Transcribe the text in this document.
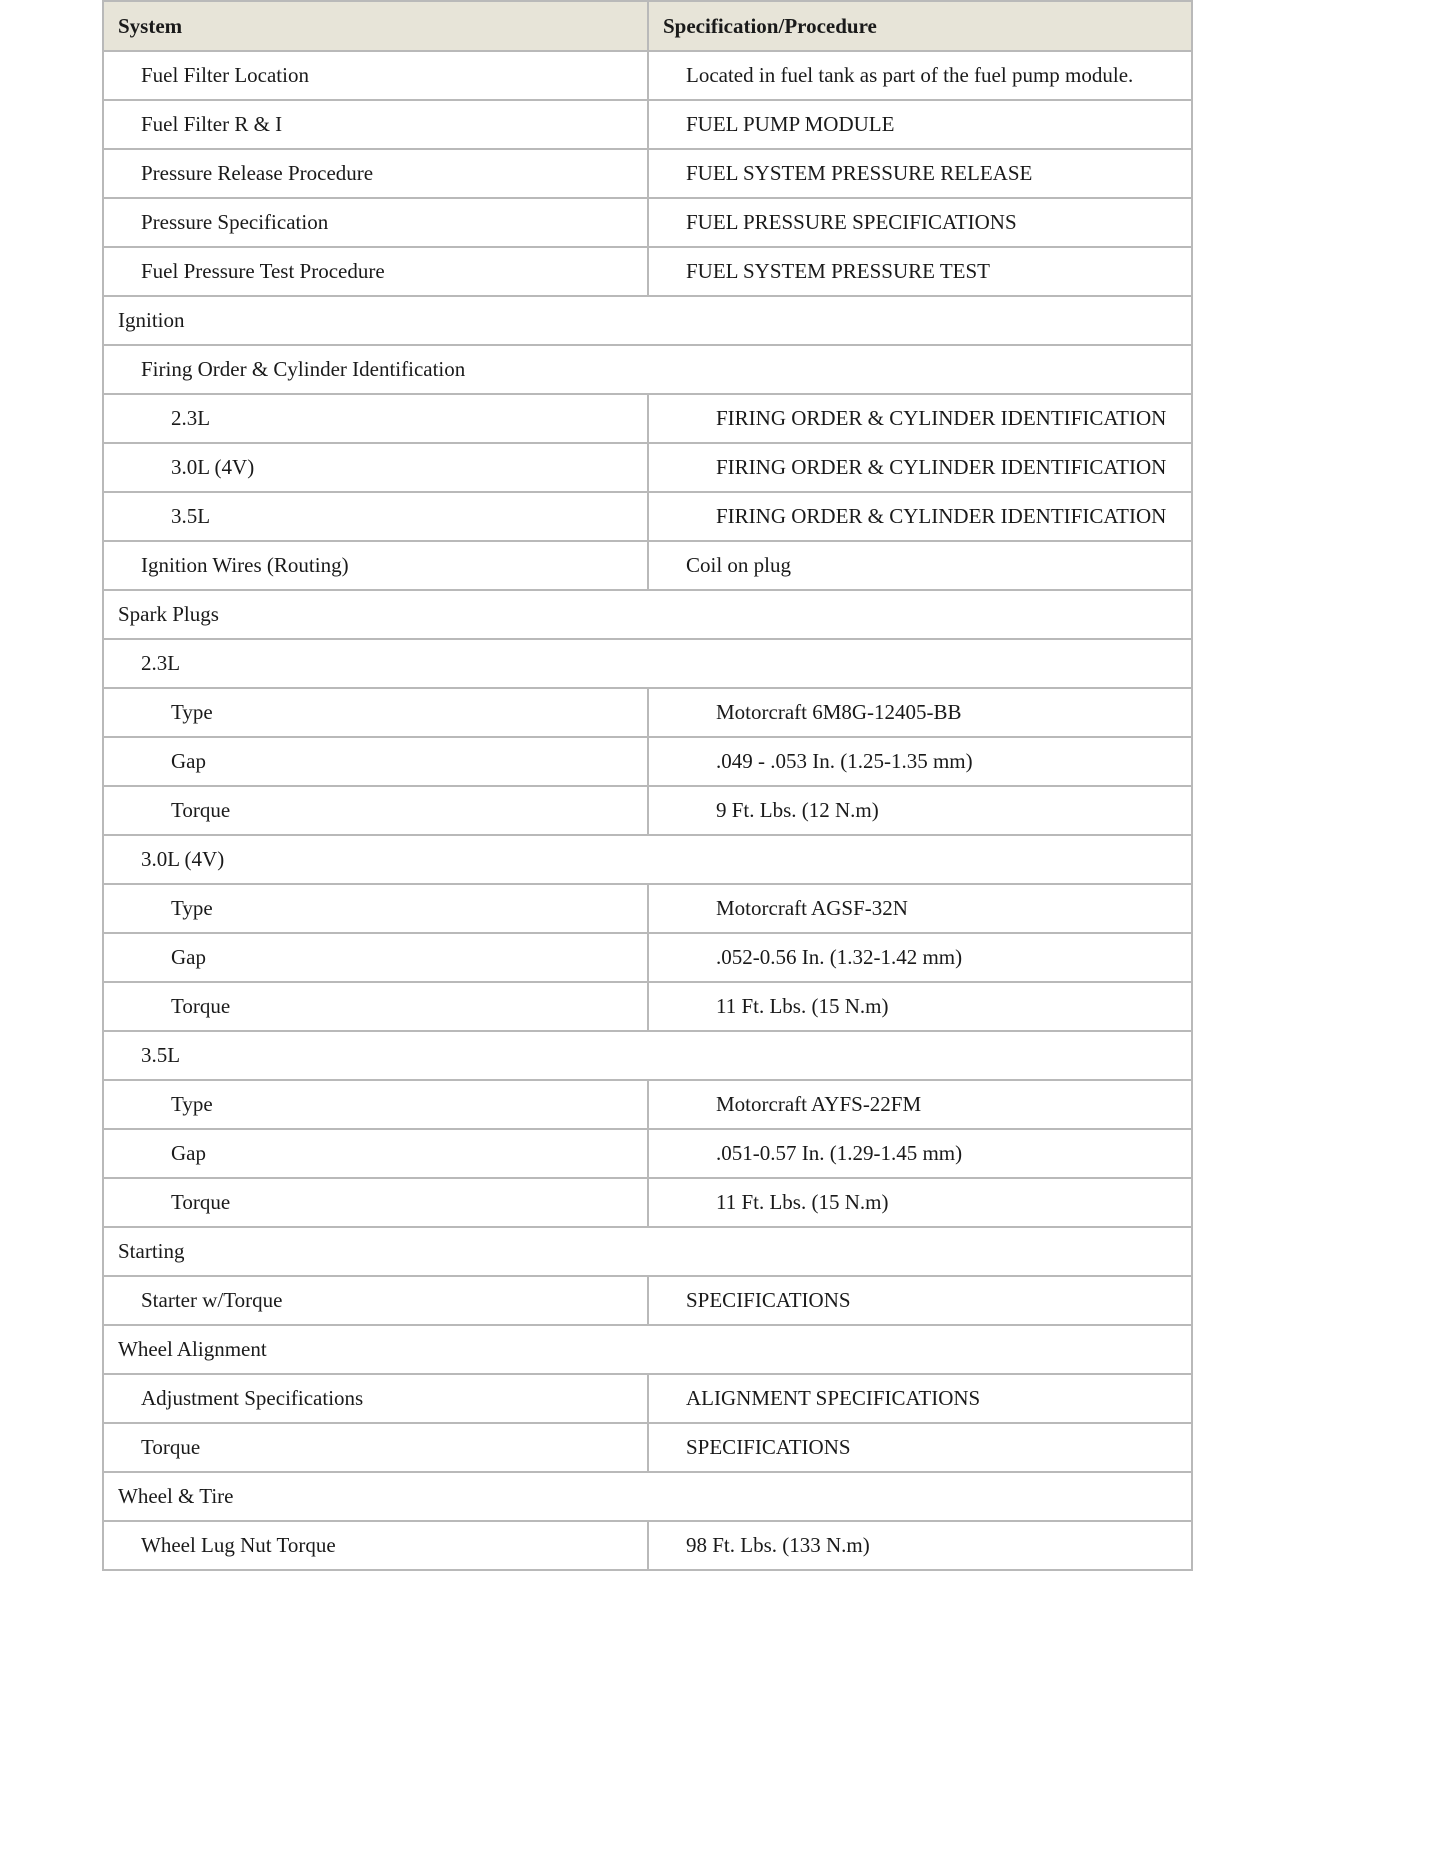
System	Specification/Procedure
Fuel Filter Location	Located in fuel tank as part of the fuel pump module.
Fuel Filter R & I	FUEL PUMP MODULE
Pressure Release Procedure	FUEL SYSTEM PRESSURE RELEASE
Pressure Specification	FUEL PRESSURE SPECIFICATIONS
Fuel Pressure Test Procedure	FUEL SYSTEM PRESSURE TEST
Ignition	
Firing Order & Cylinder Identification	
2.3L	FIRING ORDER & CYLINDER IDENTIFICATION
3.0L (4V)	FIRING ORDER & CYLINDER IDENTIFICATION
3.5L	FIRING ORDER & CYLINDER IDENTIFICATION
Ignition Wires (Routing)	Coil on plug
Spark Plugs	
2.3L	
Type	Motorcraft 6M8G-12405-BB
Gap	.049 - .053 In. (1.25-1.35 mm)
Torque	9 Ft. Lbs. (12 N.m)
3.0L (4V)	
Type	Motorcraft AGSF-32N
Gap	.052-0.56 In. (1.32-1.42 mm)
Torque	11 Ft. Lbs. (15 N.m)
3.5L	
Type	Motorcraft AYFS-22FM
Gap	.051-0.57 In. (1.29-1.45 mm)
Torque	11 Ft. Lbs. (15 N.m)
Starting	
Starter w/Torque	SPECIFICATIONS
Wheel Alignment	
Adjustment Specifications	ALIGNMENT SPECIFICATIONS
Torque	SPECIFICATIONS
Wheel & Tire	
Wheel Lug Nut Torque	98 Ft. Lbs. (133 N.m)
